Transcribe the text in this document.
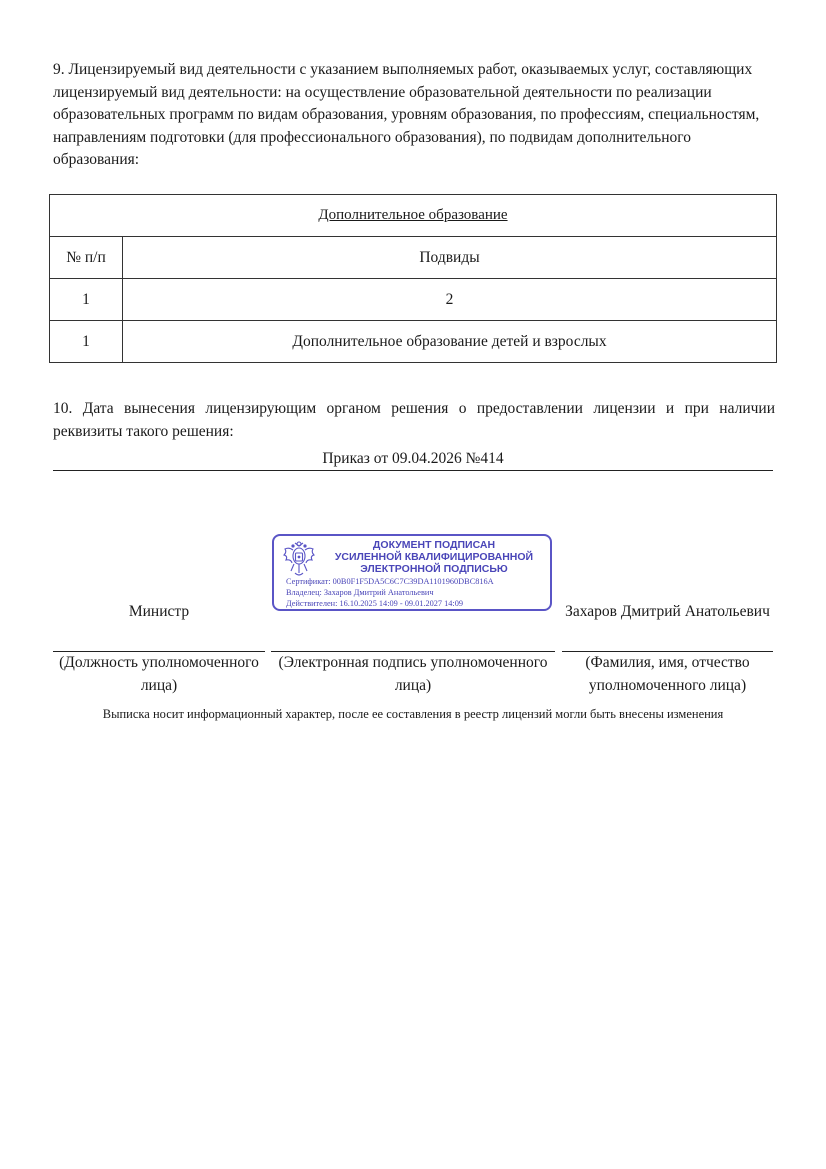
9. Лицензируемый вид деятельности с указанием выполняемых работ, оказываемых услуг, составляющих лицензируемый вид деятельности: на осуществление образовательной деятельности по реализации образовательных программ по видам образования, уровням образования, по профессиям, специальностям, направлениям подготовки (для профессионального образования), по подвидам дополнительного образования:
Дополнительное образование	
№ п/п	Подвиды
1	2
1	Дополнительное образование детей и взрослых
10. Дата вынесения лицензирующим органом решения о предоставлении лицензии и при наличии реквизиты такого решения:
Приказ от 09.04.2026 №414
ДОКУМЕНТ ПОДПИСАН
УСИЛЕННОЙ КВАЛИФИЦИРОВАННОЙ
ЭЛЕКТРОННОЙ ПОДПИСЬЮ
Сертификат: 00B0F1F5DA5C6C7C39DA1101960DBC816A
Владелец: Захаров Дмитрий Анатольевич
Действителен: 16.10.2025 14:09 - 09.01.2027 14:09
Министр	Захаров Дмитрий Анатольевич
(Должность уполномоченного лица)
(Электронная подпись уполномоченного лица)
(Фамилия, имя, отчество уполномоченного лица)
Выписка носит информационный характер, после ее составления в реестр лицензий могли быть внесены изменения
